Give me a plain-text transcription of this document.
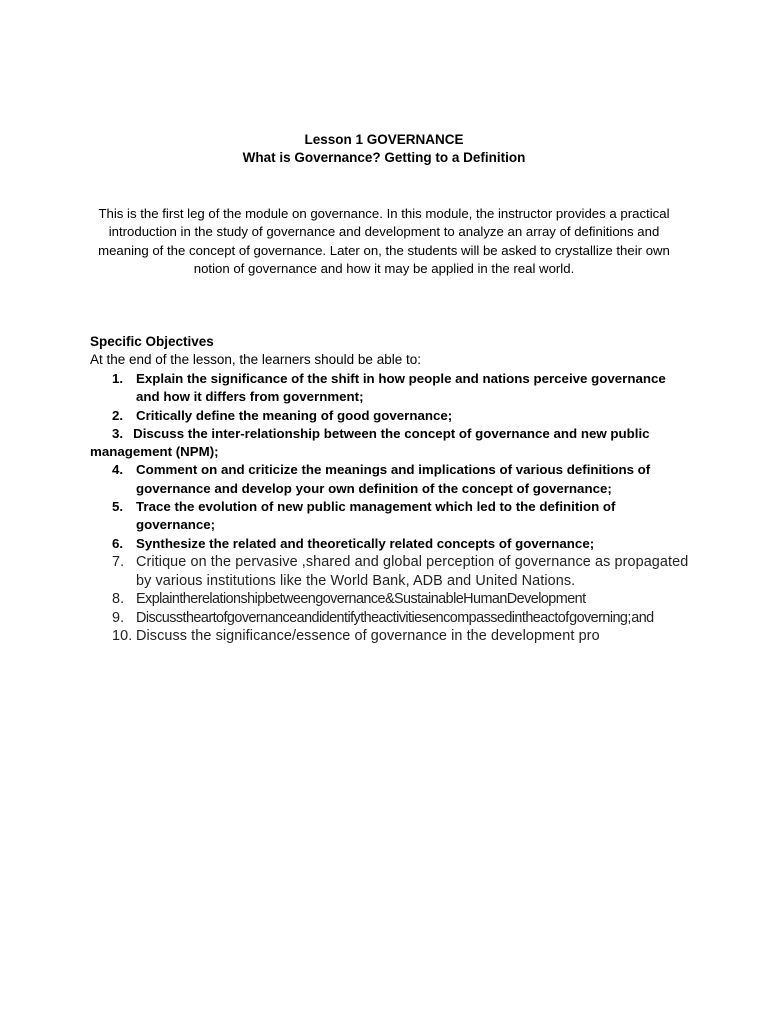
Lesson 1 GOVERNANCE
What is Governance? Getting to a Definition
This is the first leg of the module on governance. In this module, the instructor provides a practical introduction in the study of governance and development to analyze an array of definitions and meaning of the concept of governance. Later on, the students will be asked to crystallize their own notion of governance and how it may be applied in the real world.
Specific Objectives
At the end of the lesson, the learners should be able to:
1. Explain the significance of the shift in how people and nations perceive governance and how it differs from government;
2. Critically define the meaning of good governance;
3. Discuss the inter-relationship between the concept of governance and new public management (NPM);
4. Comment on and criticize the meanings and implications of various definitions of governance and develop your own definition of the concept of governance;
5. Trace the evolution of new public management which led to the definition of governance;
6. Synthesize the related and theoretically related concepts of governance;
7. Critique on the pervasive ,shared and global perception of governance as propagated by various institutions like the World Bank, ADB and United Nations.
8. Explaintherelationshipbetweengovernance&SustainableHumanDevelopment
9. Discusstheartofgovernanceandidentifytheactivitiesencompassedintheactof governing; and
10. Discuss the significance/essence of governance in the development pro
